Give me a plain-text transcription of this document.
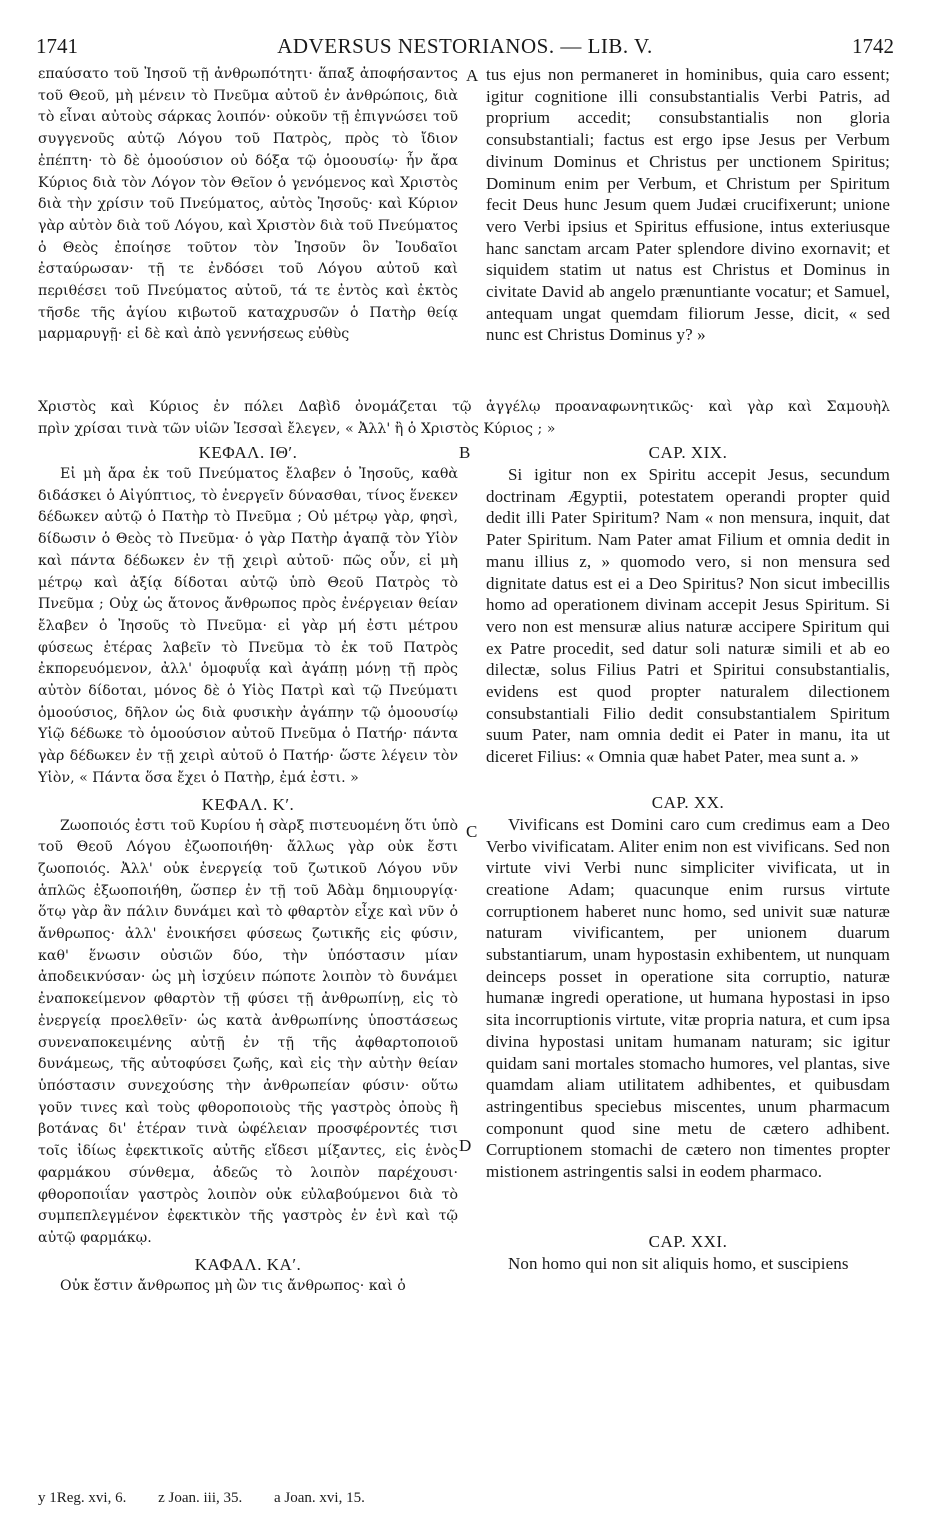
1741	ADVERSUS NESTORIANOS. — LIB. V.	1742

επαύσατο τοῦ Ἰησοῦ τῇ ἀνθρωπότητι· ἅπαξ ἀποφήσαντος τοῦ Θεοῦ, μὴ μένειν τὸ Πνεῦμα αὐτοῦ ἐν ἀνθρώποις, διὰ τὸ εἶναι αὐτοὺς σάρκας λοιπόν· οὐκοῦν τῇ ἐπιγνώσει τοῦ συγγενοῦς αὐτῷ Λόγου τοῦ Πατρὸς, πρὸς τὸ ἴδιον ἐπέπτη· τὸ δὲ ὁμοούσιον οὐ δόξα τῷ ὁμοουσίῳ· ἦν ἄρα Κύριος διὰ τὸν Λόγον τὸν Θεῖον ὁ γενόμενος καὶ Χριστὸς διὰ τὴν χρίσιν τοῦ Πνεύματος, αὐτὸς Ἰησοῦς· καὶ Κύριον γὰρ αὐτὸν διὰ τοῦ Λόγου, καὶ Χριστὸν διὰ τοῦ Πνεύματος ὁ Θεὸς ἐποίησε τοῦτον τὸν Ἰησοῦν ὃν Ἰουδαῖοι ἐσταύρωσαν· τῇ τε ἐνδόσει τοῦ Λόγου αὐτοῦ καὶ περιθέσει τοῦ Πνεύματος αὐτοῦ, τά τε ἐντὸς καὶ ἐκτὸς τῆσδε τῆς ἁγίου κιβωτοῦ καταχρυσῶν ὁ Πατὴρ θείᾳ μαρμαρυγῇ· εἰ δὲ καὶ ἀπὸ γεννήσεως εὐθὺς

tus ejus non permaneret in hominibus, quia caro essent; igitur cognitione illi consubstantialis Verbi Patris, ad proprium accedit; consubstantialis non gloria consubstantiali; factus est ergo ipse Jesus per Verbum divinum Dominus et Christus per unctionem Spiritus; Dominum enim per Verbum, et Christum per Spiritum fecit Deus hunc Jesum quem Judæi crucifixerunt; unione vero Verbi ipsius et Spiritus effusione, intus exteriusque hanc sanctam arcam Pater splendore divino exornavit; et siquidem statim ut natus est Christus et Dominus in civitate David ab angelo prænuntiante vocatur; et Samuel, antequam ungat quemdam filiorum Jesse, dicit, « sed nunc est Christus Dominus y? »

Χριστὸς καὶ Κύριος ἐν πόλει Δαβὶδ ὀνομάζεται τῷ ἀγγέλῳ προαναφωνητικῶς· καὶ γὰρ καὶ Σαμουὴλ
πρὶν χρίσαι τινὰ τῶν υἱῶν Ἰεσσαὶ ἔλεγεν, « Ἀλλ' ἢ ὁ Χριστὸς Κύριος ; »

ΚΕΦΑΛ. ΙΘʹ.

Εἰ μὴ ἄρα ἐκ τοῦ Πνεύματος ἔλαβεν ὁ Ἰησοῦς, καθὰ διδάσκει ὁ Αἰγύπτιος, τὸ ἐνεργεῖν δύνασθαι, τίνος ἕνεκεν δέδωκεν αὐτῷ ὁ Πατὴρ τὸ Πνεῦμα ; Οὐ μέτρῳ γὰρ, φησὶ, δίδωσιν ὁ Θεὸς τὸ Πνεῦμα· ὁ γὰρ Πατὴρ ἀγαπᾷ τὸν Υἱὸν καὶ πάντα δέδωκεν ἐν τῇ χειρὶ αὐτοῦ· πῶς οὖν, εἰ μὴ μέτρῳ καὶ ἀξίᾳ δίδοται αὐτῷ ὑπὸ Θεοῦ Πατρὸς τὸ Πνεῦμα ; Οὐχ ὡς ἄτονος ἄνθρωπος πρὸς ἐνέργειαν θείαν ἔλαβεν ὁ Ἰησοῦς τὸ Πνεῦμα· εἰ γὰρ μή ἐστι μέτρου φύσεως ἑτέρας λαβεῖν τὸ Πνεῦμα τὸ ἐκ τοῦ Πατρὸς ἐκπορευόμενον, ἀλλ' ὁμοφυΐᾳ καὶ ἀγάπῃ μόνῃ τῇ πρὸς αὐτὸν δίδοται, μόνος δὲ ὁ Υἱὸς Πατρὶ καὶ τῷ Πνεύματι ὁμοούσιος, δῆλον ὡς διὰ φυσικὴν ἀγάπην τῷ ὁμοουσίῳ Υἱῷ δέδωκε τὸ ὁμοούσιον αὐτοῦ Πνεῦμα ὁ Πατήρ· πάντα γὰρ δέδωκεν ἐν τῇ χειρὶ αὐτοῦ ὁ Πατήρ· ὥστε λέγειν τὸν Υἱὸν, « Πάντα ὅσα ἔχει ὁ Πατὴρ, ἐμά ἐστι. »

ΚΕΦΑΛ. Κʹ.

Ζωοποιός ἐστι τοῦ Κυρίου ἡ σὰρξ πιστευομένη ὅτι ὑπὸ τοῦ Θεοῦ Λόγου ἐζωοποιήθη· ἄλλως γὰρ οὐκ ἔστι ζωοποιός. Ἀλλ' οὐκ ἐνεργείᾳ τοῦ ζωτικοῦ Λόγου νῦν ἁπλῶς ἐξωοποιήθη, ὥσπερ ἐν τῇ τοῦ Ἀδὰμ δημιουργίᾳ· ὅτῳ γὰρ ἂν πάλιν δυνάμει καὶ τὸ φθαρτὸν εἶχε καὶ νῦν ὁ ἄνθρωπος· ἀλλ' ἐνοικήσει φύσεως ζωτικῆς εἰς φύσιν, καθ' ἕνωσιν οὐσιῶν δύο, τὴν ὑπόστασιν μίαν ἀποδεικνύσαν· ὡς μὴ ἰσχύειν πώποτε λοιπὸν τὸ δυνάμει ἐναποκείμενον φθαρτὸν τῇ φύσει τῇ ἀνθρωπίνῃ, εἰς τὸ ἐνεργείᾳ προελθεῖν· ὡς κατὰ ἀνθρωπίνης ὑποστάσεως συνεναποκειμένης αὐτῇ ἐν τῇ τῆς ἀφθαρτοποιοῦ δυνάμεως, τῆς αὐτοφύσει ζωῆς, καὶ εἰς τὴν αὐτὴν θείαν ὑπόστασιν συνεχούσης τὴν ἀνθρωπείαν φύσιν· οὕτω γοῦν τινες καὶ τοὺς φθοροποιοὺς τῆς γαστρὸς ὀποὺς ἢ βοτάνας δι' ἑτέραν τινὰ ὠφέλειαν προσφέροντές τισι τοῖς ἰδίως ἐφεκτικοῖς αὐτῆς εἴδεσι μίξαντες, εἰς ἑνὸς φαρμάκου σύνθεμα, ἀδεῶς τὸ λοιπὸν παρέχουσι· φθοροποιΐαν γαστρὸς λοιπὸν οὐκ εὐλαβούμενοι διὰ τὸ συμπεπλεγμένον ἐφεκτικὸν τῆς γαστρὸς ἐν ἑνὶ καὶ τῷ αὐτῷ φαρμάκῳ.

ΚΑΦΑΛ. ΚΑʹ.

Οὐκ ἔστιν ἄνθρωπος μὴ ὢν τις ἄνθρωπος· καὶ ὁ

CAP. XIX.

Si igitur non ex Spiritu accepit Jesus, secundum doctrinam Ægyptii, potestatem operandi propter quid dedit illi Pater Spiritum? Nam « non mensura, inquit, dat Pater Spiritum. Nam Pater amat Filium et omnia dedit in manu illius z, » quomodo vero, si non mensura sed dignitate datus est ei a Deo Spiritus? Non sicut imbecillis homo ad operationem divinam accepit Jesus Spiritum. Si vero non est mensuræ alius naturæ accipere Spiritum qui ex Patre procedit, sed datur soli naturæ simili et ab eo dilectæ, solus Filius Patri et Spiritui consubstantialis, evidens est quod propter naturalem dilectionem consubstantiali Filio dedit consubstantialem Spiritum suum Pater, nam omnia dedit ei Pater in manu, ita ut diceret Filius: « Omnia quæ habet Pater, mea sunt a. »

CAP. XX.

Vivificans est Domini caro cum credimus eam a Deo Verbo vivificatam. Aliter enim non est vivificans. Sed non virtute vivi Verbi nunc simpliciter vivificata, ut in creatione Adam; quacunque enim rursus virtute corruptionem haberet nunc homo, sed univit suæ naturæ naturam vivificantem, per unionem duarum substantiarum, unam hypostasin exhibentem, ut nunquam deinceps posset in operatione sita corruptio, naturæ humanæ ingredi operatione, ut humana hypostasi in ipso sita incorruptionis virtute, vitæ propria natura, et cum ipsa divina hypostasi unitam humanam naturam; sic igitur quidam sani mortales stomacho humores, vel plantas, sive quamdam aliam utilitatem adhibentes, et quibusdam astringentibus speciebus miscentes, unum pharmacum componunt quod sine metu de cætero adhibent. Corruptionem stomachi de cætero non timentes propter mistionem astringentis salsi in eodem pharmaco.

CAP. XXI.

Non homo qui non sit aliquis homo, et suscipiens

A
B
C
D
y 1Reg. xvi, 6. z Joan. iii, 35. a Joan. xvi, 15.
